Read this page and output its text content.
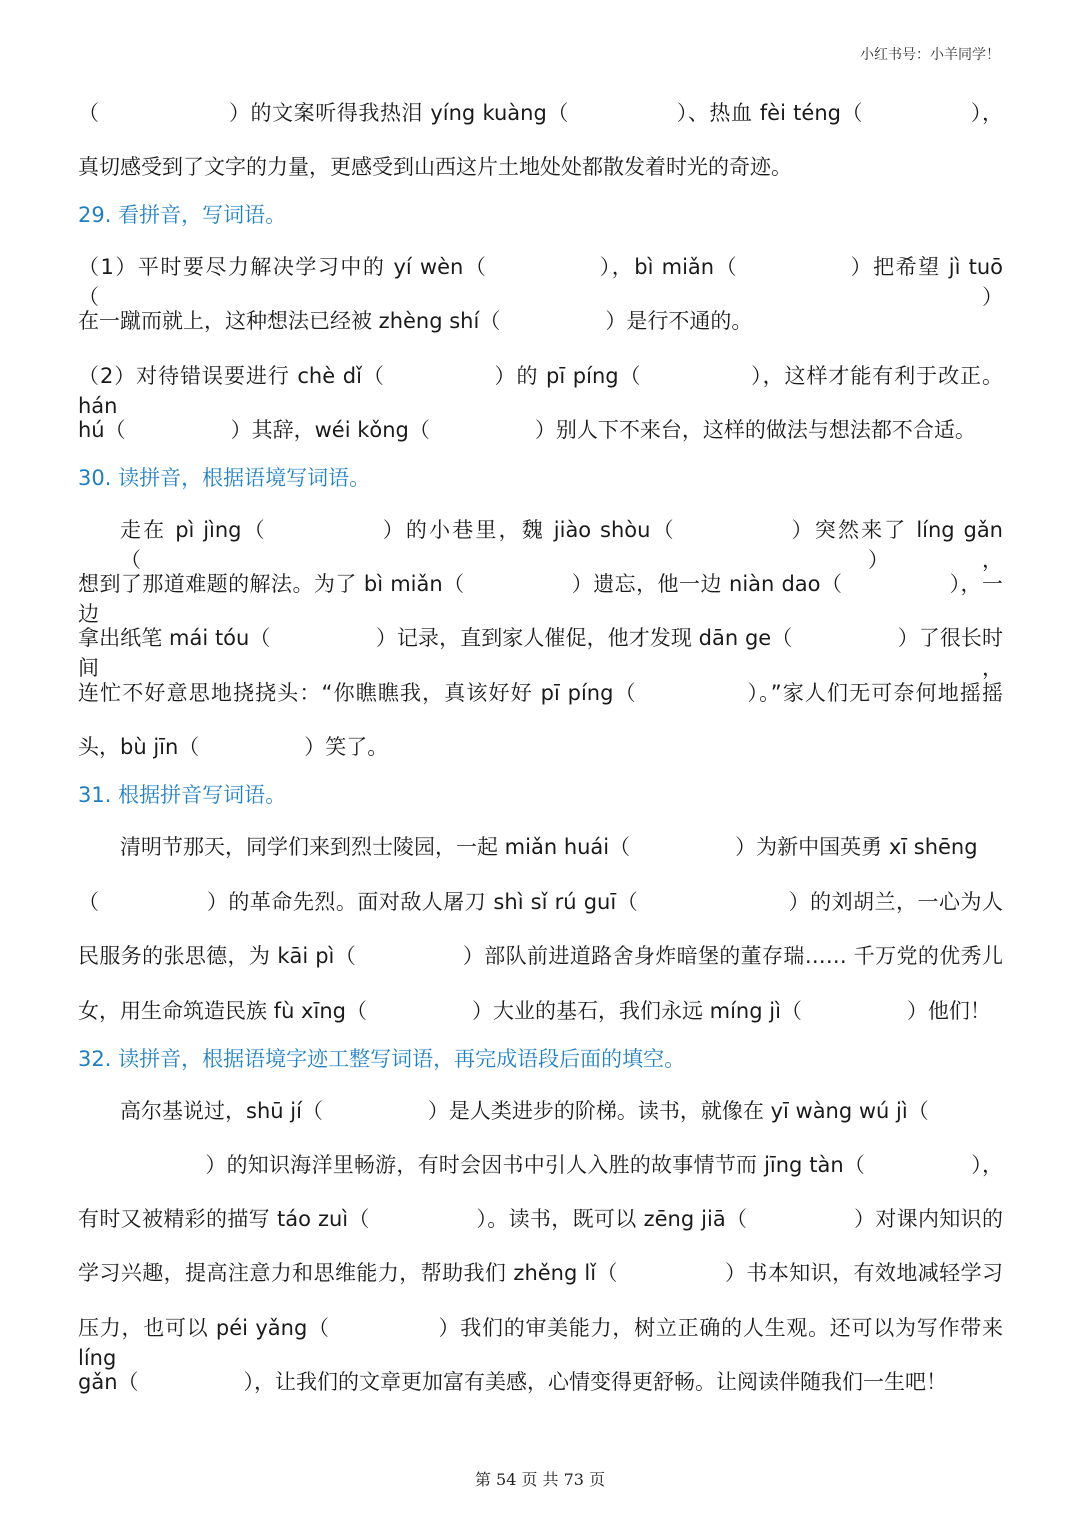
小红书号：小羊同学！
（　　　　　　）的文案听得我热泪 yíng kuàng（　　　　　）、热血 fèi téng（　　　　　），
真切感受到了文字的力量，更感受到山西这片土地处处都散发着时光的奇迹。
29. 看拼音，写词语。
（1）平时要尽力解决学习中的 yí wèn（　　　　　），bì miǎn（　　　　　）把希望 jì tuō（　　　　　）
在一蹴而就上，这种想法已经被 zhèng shí（　　　　　）是行不通的。
（2）对待错误要进行 chè dǐ（　　　　　）的 pī píng（　　　　　），这样才能有利于改正。hán
hú（　　　　　）其辞，wéi kǒng（　　　　　）别人下不来台，这样的做法与想法都不合适。
30. 读拼音，根据语境写词语。
走在 pì jìng（　　　　　）的小巷里，魏 jiào shòu（　　　　　）突然来了 líng gǎn（　　　　　），
想到了那道难题的解法。为了 bì miǎn（　　　　　）遗忘，他一边 niàn dao（　　　　　），一边
拿出纸笔 mái tóu（　　　　　）记录，直到家人催促，他才发现 dān ge（　　　　　）了很长时间，
连忙不好意思地挠挠头：“你瞧瞧我，真该好好 pī píng（　　　　　）。”家人们无可奈何地摇摇
头，bù jīn（　　　　　）笑了。
31. 根据拼音写词语。
清明节那天，同学们来到烈士陵园，一起 miǎn huái（　　　　　）为新中国英勇 xī shēng
（　　　　　）的革命先烈。面对敌人屠刀 shì sǐ rú guī（　　　　　　　）的刘胡兰，一心为人
民服务的张思德，为 kāi pì（　　　　　）部队前进道路舍身炸暗堡的董存瑞…… 千万党的优秀儿
女，用生命筑造民族 fù xīng（　　　　　）大业的基石，我们永远 míng jì（　　　　　）他们！
32. 读拼音，根据语境字迹工整写词语，再完成语段后面的填空。
高尔基说过，shū jí（　　　　　）是人类进步的阶梯。读书，就像在 yī wàng wú jì（
　　　　　　）的知识海洋里畅游，有时会因书中引人入胜的故事情节而 jīng tàn（　　　　　），
有时又被精彩的描写 táo zuì（　　　　　）。读书，既可以 zēng jiā（　　　　　）对课内知识的
学习兴趣，提高注意力和思维能力，帮助我们 zhěng lǐ（　　　　　）书本知识，有效地减轻学习
压力，也可以 péi yǎng（　　　　　）我们的审美能力，树立正确的人生观。还可以为写作带来 líng
gǎn（　　　　　），让我们的文章更加富有美感，心情变得更舒畅。让阅读伴随我们一生吧！
第 54 页 共 73 页
